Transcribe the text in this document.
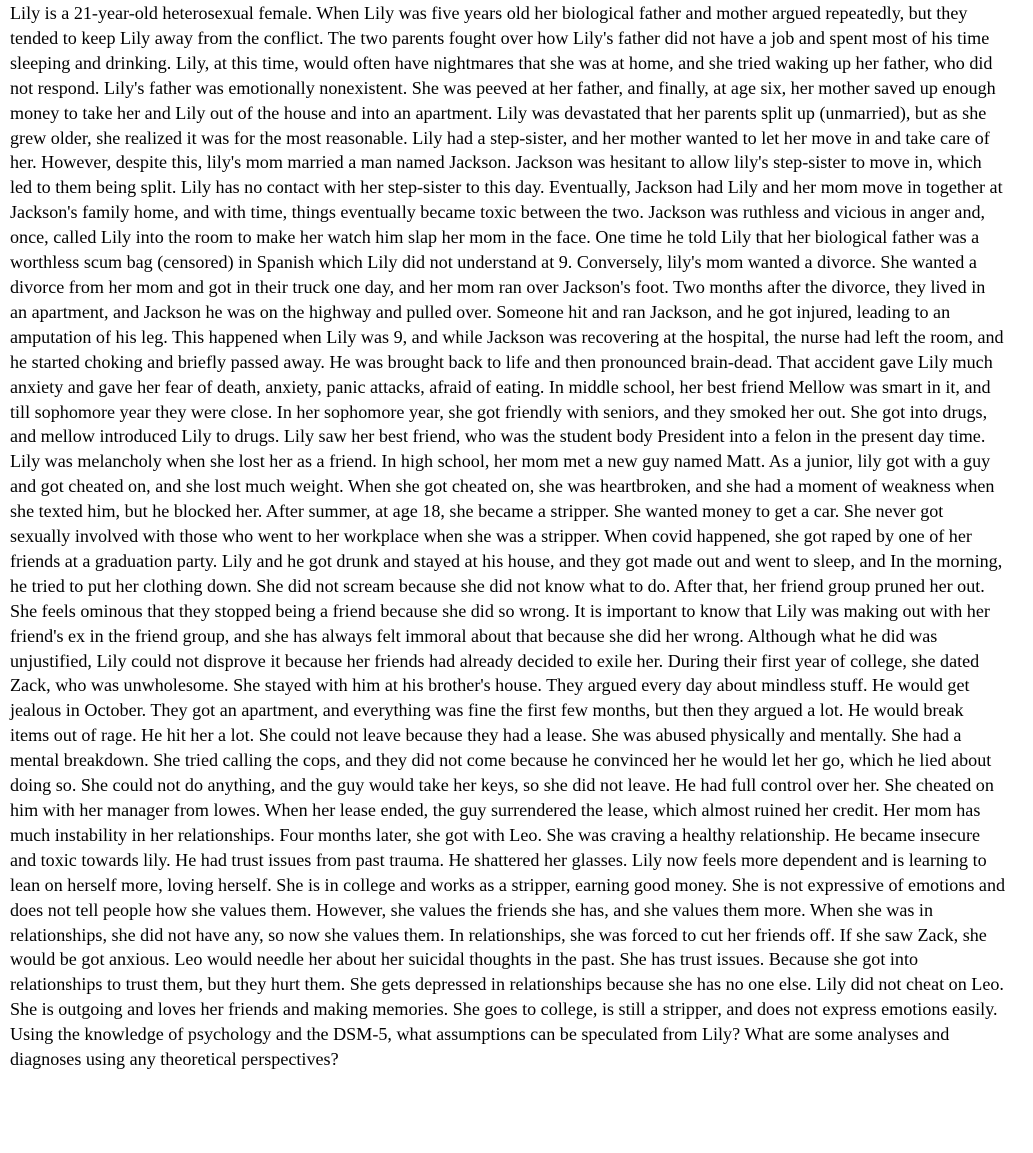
Lily is a 21-year-old heterosexual female. When Lily was five years old her biological father and mother argued repeatedly, but they tended to keep Lily away from the conflict. The two parents fought over how Lily's father did not have a job and spent most of his time sleeping and drinking. Lily, at this time, would often have nightmares that she was at home, and she tried waking up her father, who did not respond. Lily's father was emotionally nonexistent. She was peeved at her father, and finally, at age six, her mother saved up enough money to take her and Lily out of the house and into an apartment. Lily was devastated that her parents split up (unmarried), but as she grew older, she realized it was for the most reasonable. Lily had a step-sister, and her mother wanted to let her move in and take care of her. However, despite this, lily's mom married a man named Jackson. Jackson was hesitant to allow lily's step-sister to move in, which led to them being split. Lily has no contact with her step-sister to this day. Eventually, Jackson had Lily and her mom move in together at Jackson's family home, and with time, things eventually became toxic between the two. Jackson was ruthless and vicious in anger and, once, called Lily into the room to make her watch him slap her mom in the face. One time he told Lily that her biological father was a worthless scum bag (censored) in Spanish which Lily did not understand at 9. Conversely, lily's mom wanted a divorce. She wanted a divorce from her mom and got in their truck one day, and her mom ran over Jackson's foot. Two months after the divorce, they lived in an apartment, and Jackson he was on the highway and pulled over. Someone hit and ran Jackson, and he got injured, leading to an amputation of his leg. This happened when Lily was 9, and while Jackson was recovering at the hospital, the nurse had left the room, and he started choking and briefly passed away. He was brought back to life and then pronounced brain-dead. That accident gave Lily much anxiety and gave her fear of death, anxiety, panic attacks, afraid of eating. In middle school, her best friend Mellow was smart in it, and till sophomore year they were close. In her sophomore year, she got friendly with seniors, and they smoked her out. She got into drugs, and mellow introduced Lily to drugs. Lily saw her best friend, who was the student body President into a felon in the present day time. Lily was melancholy when she lost her as a friend. In high school, her mom met a new guy named Matt. As a junior, lily got with a guy and got cheated on, and she lost much weight. When she got cheated on, she was heartbroken, and she had a moment of weakness when she texted him, but he blocked her. After summer, at age 18, she became a stripper. She wanted money to get a car. She never got sexually involved with those who went to her workplace when she was a stripper. When covid happened, she got raped by one of her friends at a graduation party. Lily and he got drunk and stayed at his house, and they got made out and went to sleep, and In the morning, he tried to put her clothing down. She did not scream because she did not know what to do. After that, her friend group pruned her out. She feels ominous that they stopped being a friend because she did so wrong. It is important to know that Lily was making out with her friend's ex in the friend group, and she has always felt immoral about that because she did her wrong. Although what he did was unjustified, Lily could not disprove it because her friends had already decided to exile her. During their first year of college, she dated Zack, who was unwholesome. She stayed with him at his brother's house. They argued every day about mindless stuff. He would get jealous in October. They got an apartment, and everything was fine the first few months, but then they argued a lot. He would break items out of rage. He hit her a lot. She could not leave because they had a lease. She was abused physically and mentally. She had a mental breakdown. She tried calling the cops, and they did not come because he convinced her he would let her go, which he lied about doing so. She could not do anything, and the guy would take her keys, so she did not leave. He had full control over her. She cheated on him with her manager from lowes. When her lease ended, the guy surrendered the lease, which almost ruined her credit. Her mom has much instability in her relationships. Four months later, she got with Leo. She was craving a healthy relationship. He became insecure and toxic towards lily. He had trust issues from past trauma. He shattered her glasses. Lily now feels more dependent and is learning to lean on herself more, loving herself. She is in college and works as a stripper, earning good money. She is not expressive of emotions and does not tell people how she values them. However, she values the friends she has, and she values them more. When she was in relationships, she did not have any, so now she values them. In relationships, she was forced to cut her friends off. If she saw Zack, she would be got anxious. Leo would needle her about her suicidal thoughts in the past. She has trust issues. Because she got into relationships to trust them, but they hurt them. She gets depressed in relationships because she has no one else. Lily did not cheat on Leo. She is outgoing and loves her friends and making memories. She goes to college, is still a stripper, and does not express emotions easily. Using the knowledge of psychology and the DSM-5, what assumptions can be speculated from Lily? What are some analyses and diagnoses using any theoretical perspectives?
